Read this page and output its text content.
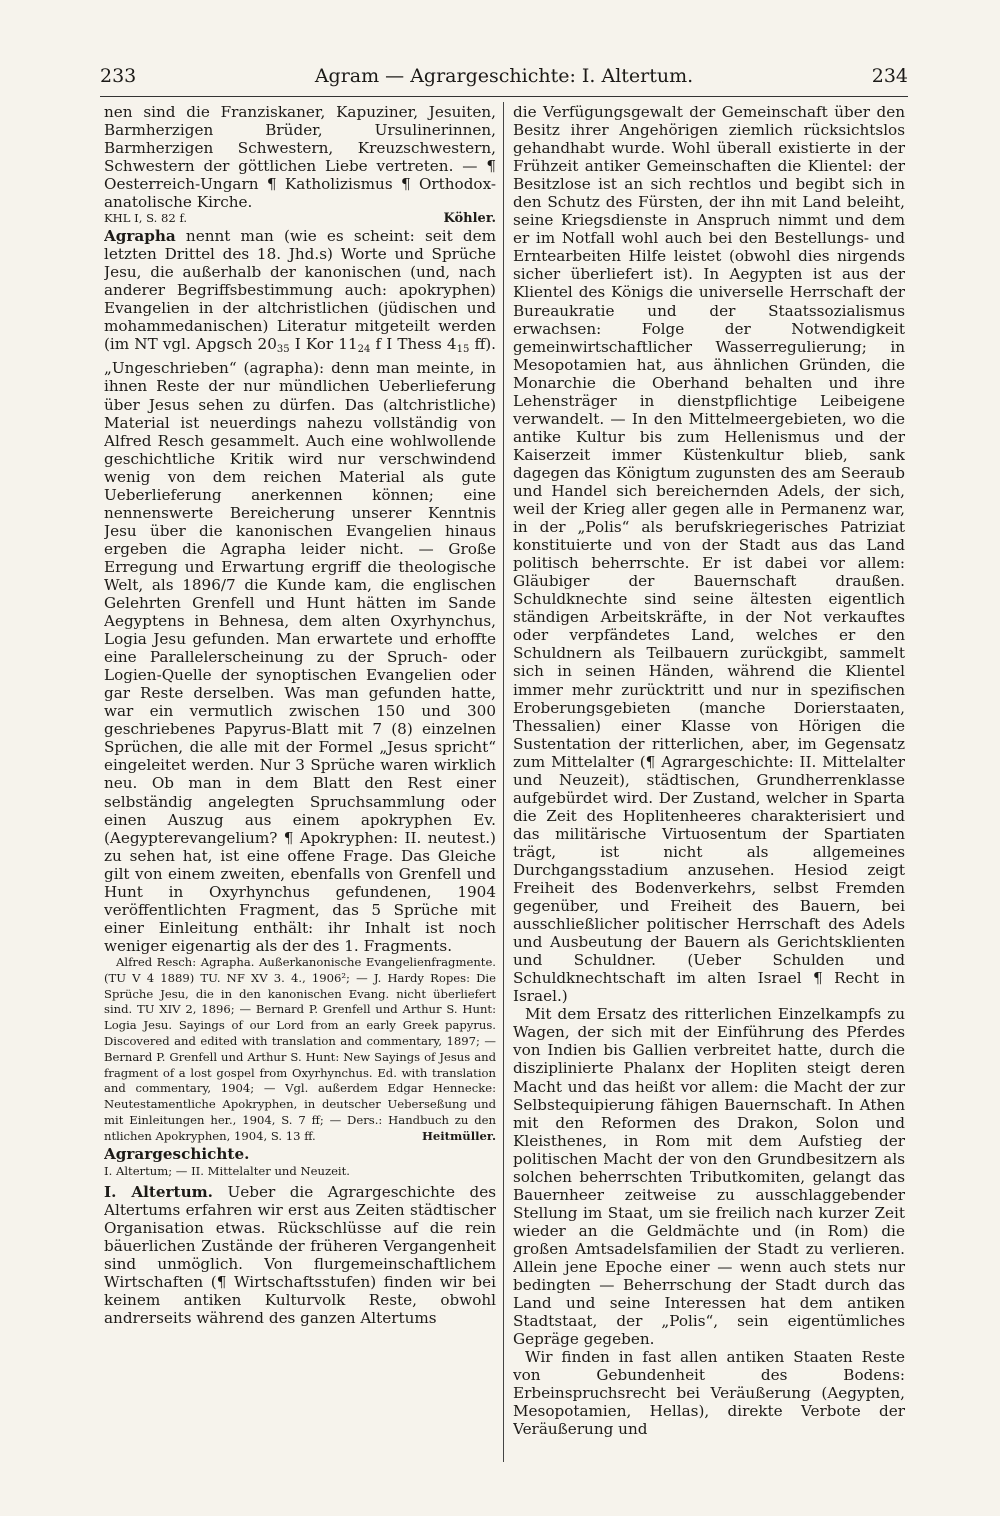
233	Agram — Agrargeschichte: I. Altertum.	234

nen sind die Franziskaner, Kapuziner, Jesuiten, Barmherzigen Brüder, Ursulinerinnen, Barmherzigen Schwestern, Kreuzschwestern, Schwestern der göttlichen Liebe vertreten. — ¶ Oesterreich-Ungarn ¶ Katholizismus ¶ Orthodox-anatolische Kirche.

KHL I, S. 82 f.	Köhler.

Agrapha nennt man (wie es scheint: seit dem letzten Drittel des 18. Jhd.s) Worte und Sprüche Jesu, die außerhalb der kanonischen (und, nach anderer Begriffsbestimmung auch: apokryphen) Evangelien in der altchristlichen (jüdischen und mohammedanischen) Literatur mitgeteilt werden (im NT vgl. Apgsch $20_{35}$ I Kor $11_{24}$ f I Thess $4_{15}$ ff). „Ungeschrieben“ (agrapha): denn man meinte, in ihnen Reste der nur mündlichen Ueberlieferung über Jesus sehen zu dürfen. Das (altchristliche) Material ist neuerdings nahezu vollständig von Alfred Resch gesammelt. Auch eine wohlwollende geschichtliche Kritik wird nur verschwindend wenig von dem reichen Material als gute Ueberlieferung anerkennen können; eine nennenswerte Bereicherung unserer Kenntnis Jesu über die kanonischen Evangelien hinaus ergeben die Agrapha leider nicht. — Große Erregung und Erwartung ergriff die theologische Welt, als 1896/7 die Kunde kam, die englischen Gelehrten Grenfell und Hunt hätten im Sande Aegyptens in Behnesa, dem alten Oxyrhynchus, Logia Jesu gefunden. Man erwartete und erhoffte eine Parallelerscheinung zu der Spruch- oder Logien-Quelle der synoptischen Evangelien oder gar Reste derselben. Was man gefunden hatte, war ein vermutlich zwischen 150 und 300 geschriebenes Papyrus-Blatt mit 7 (8) einzelnen Sprüchen, die alle mit der Formel „Jesus spricht“ eingeleitet werden. Nur 3 Sprüche waren wirklich neu. Ob man in dem Blatt den Rest einer selbständig angelegten Spruchsammlung oder einen Auszug aus einem apokryphen Ev. (Aegypterevangelium? ¶ Apokryphen: II. neutest.) zu sehen hat, ist eine offene Frage. Das Gleiche gilt von einem zweiten, ebenfalls von Grenfell und Hunt in Oxyrhynchus gefundenen, 1904 veröffentlichten Fragment, das 5 Sprüche mit einer Einleitung enthält: ihr Inhalt ist noch weniger eigenartig als der des 1. Fragments.

Alfred Resch: Agrapha. Außerkanonische Evangelienfragmente. (TU V 4 1889) TU. NF XV 3. 4., 1906²; — J. Hardy Ropes: Die Sprüche Jesu, die in den kanonischen Evang. nicht überliefert sind. TU XIV 2, 1896; — Bernard P. Grenfell und Arthur S. Hunt: Logia Jesu. Sayings of our Lord from an early Greek papyrus. Discovered and edited with translation and commentary, 1897; — Bernard P. Grenfell und Arthur S. Hunt: New Sayings of Jesus and fragment of a lost gospel from Oxyrhynchus. Ed. with translation and commentary, 1904; — Vgl. außerdem Edgar Hennecke: Neutestamentliche Apokryphen, in deutscher Ueberseßung und mit Einleitungen her., 1904, S. 7 ff; — Ders.: Handbuch zu den ntlichen Apokryphen, 1904, S. 13 ff.	Heitmüller.

Agrargeschichte.

I. Altertum; — II. Mittelalter und Neuzeit.

I. Altertum. Ueber die Agrargeschichte des Altertums erfahren wir erst aus Zeiten städtischer Organisation etwas. Rückschlüsse auf die rein bäuerlichen Zustände der früheren Vergangenheit sind unmöglich. Von flurgemeinschaftlichem Wirtschaften (¶ Wirtschaftsstufen) finden wir bei keinem antiken Kulturvolk Reste, obwohl andrerseits während des ganzen Altertums

die Verfügungsgewalt der Gemeinschaft über den Besitz ihrer Angehörigen ziemlich rücksichtslos gehandhabt wurde. Wohl überall existierte in der Frühzeit antiker Gemeinschaften die Klientel: der Besitzlose ist an sich rechtlos und begibt sich in den Schutz des Fürsten, der ihn mit Land beleiht, seine Kriegsdienste in Anspruch nimmt und dem er im Notfall wohl auch bei den Bestellungs- und Erntearbeiten Hilfe leistet (obwohl dies nirgends sicher überliefert ist). In Aegypten ist aus der Klientel des Königs die universelle Herrschaft der Bureaukratie und der Staatssozialismus erwachsen: Folge der Notwendigkeit gemeinwirtschaftlicher Wasserregulierung; in Mesopotamien hat, aus ähnlichen Gründen, die Monarchie die Oberhand behalten und ihre Lehensträger in dienstpflichtige Leibeigene verwandelt. — In den Mittelmeergebieten, wo die antike Kultur bis zum Hellenismus und der Kaiserzeit immer Küstenkultur blieb, sank dagegen das Königtum zugunsten des am Seeraub und Handel sich bereichernden Adels, der sich, weil der Krieg aller gegen alle in Permanenz war, in der „Polis“ als berufskriegerisches Patriziat konstituierte und von der Stadt aus das Land politisch beherrschte. Er ist dabei vor allem: Gläubiger der Bauernschaft draußen. Schuldknechte sind seine ältesten eigentlich ständigen Arbeitskräfte, in der Not verkauftes oder verpfändetes Land, welches er den Schuldnern als Teilbauern zurückgibt, sammelt sich in seinen Händen, während die Klientel immer mehr zurücktritt und nur in spezifischen Eroberungsgebieten (manche Dorierstaaten, Thessalien) einer Klasse von Hörigen die Sustentation der ritterlichen, aber, im Gegensatz zum Mittelalter (¶ Agrargeschichte: II. Mittelalter und Neuzeit), städtischen, Grundherrenklasse aufgebürdet wird. Der Zustand, welcher in Sparta die Zeit des Hoplitenheeres charakterisiert und das militärische Virtuosentum der Spartiaten trägt, ist nicht als allgemeines Durchgangsstadium anzusehen. Hesiod zeigt Freiheit des Bodenverkehrs, selbst Fremden gegenüber, und Freiheit des Bauern, bei ausschließlicher politischer Herrschaft des Adels und Ausbeutung der Bauern als Gerichtsklienten und Schuldner. (Ueber Schulden und Schuldknechtschaft im alten Israel ¶ Recht in Israel.)

Mit dem Ersatz des ritterlichen Einzelkampfs zu Wagen, der sich mit der Einführung des Pferdes von Indien bis Gallien verbreitet hatte, durch die disziplinierte Phalanx der Hopliten steigt deren Macht und das heißt vor allem: die Macht der zur Selbstequipierung fähigen Bauernschaft. In Athen mit den Reformen des Drakon, Solon und Kleisthenes, in Rom mit dem Aufstieg der politischen Macht der von den Grundbesitzern als solchen beherrschten Tributkomiten, gelangt das Bauernheer zeitweise zu ausschlaggebender Stellung im Staat, um sie freilich nach kurzer Zeit wieder an die Geldmächte und (in Rom) die großen Amtsadelsfamilien der Stadt zu verlieren. Allein jene Epoche einer — wenn auch stets nur bedingten — Beherrschung der Stadt durch das Land und seine Interessen hat dem antiken Stadtstaat, der „Polis“, sein eigentümliches Gepräge gegeben.

Wir finden in fast allen antiken Staaten Reste von Gebundenheit des Bodens: Erbeinspruchsrecht bei Veräußerung (Aegypten, Mesopotamien, Hellas), direkte Verbote der Veräußerung und
